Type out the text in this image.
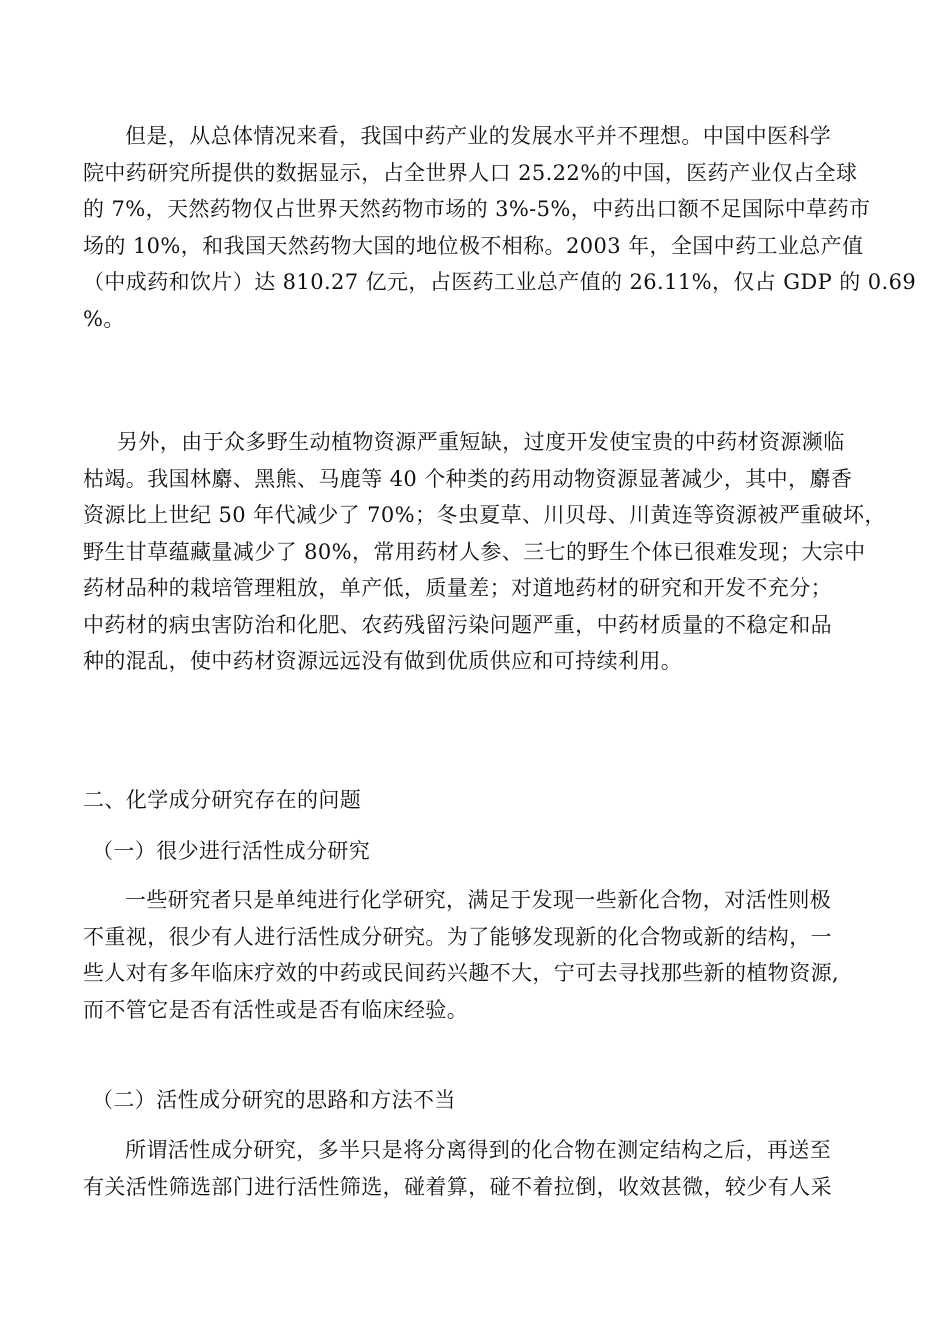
但是，从总体情况来看，我国中药产业的发展水平并不理想。中国中医科学
院中药研究所提供的数据显示，占全世界人口 25.22%的中国，医药产业仅占全球
的 7%，天然药物仅占世界天然药物市场的 3%-5%，中药出口额不足国际中草药市
场的 10%，和我国天然药物大国的地位极不相称。2003 年，全国中药工业总产值
（中成药和饮片）达 810.27 亿元，占医药工业总产值的 26.11%，仅占 GDP 的 0.69
%。
另外，由于众多野生动植物资源严重短缺，过度开发使宝贵的中药材资源濒临
枯竭。我国林麝、黑熊、马鹿等 40 个种类的药用动物资源显著减少，其中，麝香
资源比上世纪 50 年代减少了 70%；冬虫夏草、川贝母、川黄连等资源被严重破坏，
野生甘草蕴藏量减少了 80%，常用药材人参、三七的野生个体已很难发现；大宗中
药材品种的栽培管理粗放，单产低，质量差；对道地药材的研究和开发不充分；
中药材的病虫害防治和化肥、农药残留污染问题严重，中药材质量的不稳定和品
种的混乱，使中药材资源远远没有做到优质供应和可持续利用。
二、化学成分研究存在的问题
（一）很少进行活性成分研究
一些研究者只是单纯进行化学研究，满足于发现一些新化合物，对活性则极
不重视，很少有人进行活性成分研究。为了能够发现新的化合物或新的结构，一
些人对有多年临床疗效的中药或民间药兴趣不大，宁可去寻找那些新的植物资源,
而不管它是否有活性或是否有临床经验。
（二）活性成分研究的思路和方法不当
所谓活性成分研究，多半只是将分离得到的化合物在测定结构之后，再送至
有关活性筛选部门进行活性筛选，碰着算，碰不着拉倒，收效甚微，较少有人采
